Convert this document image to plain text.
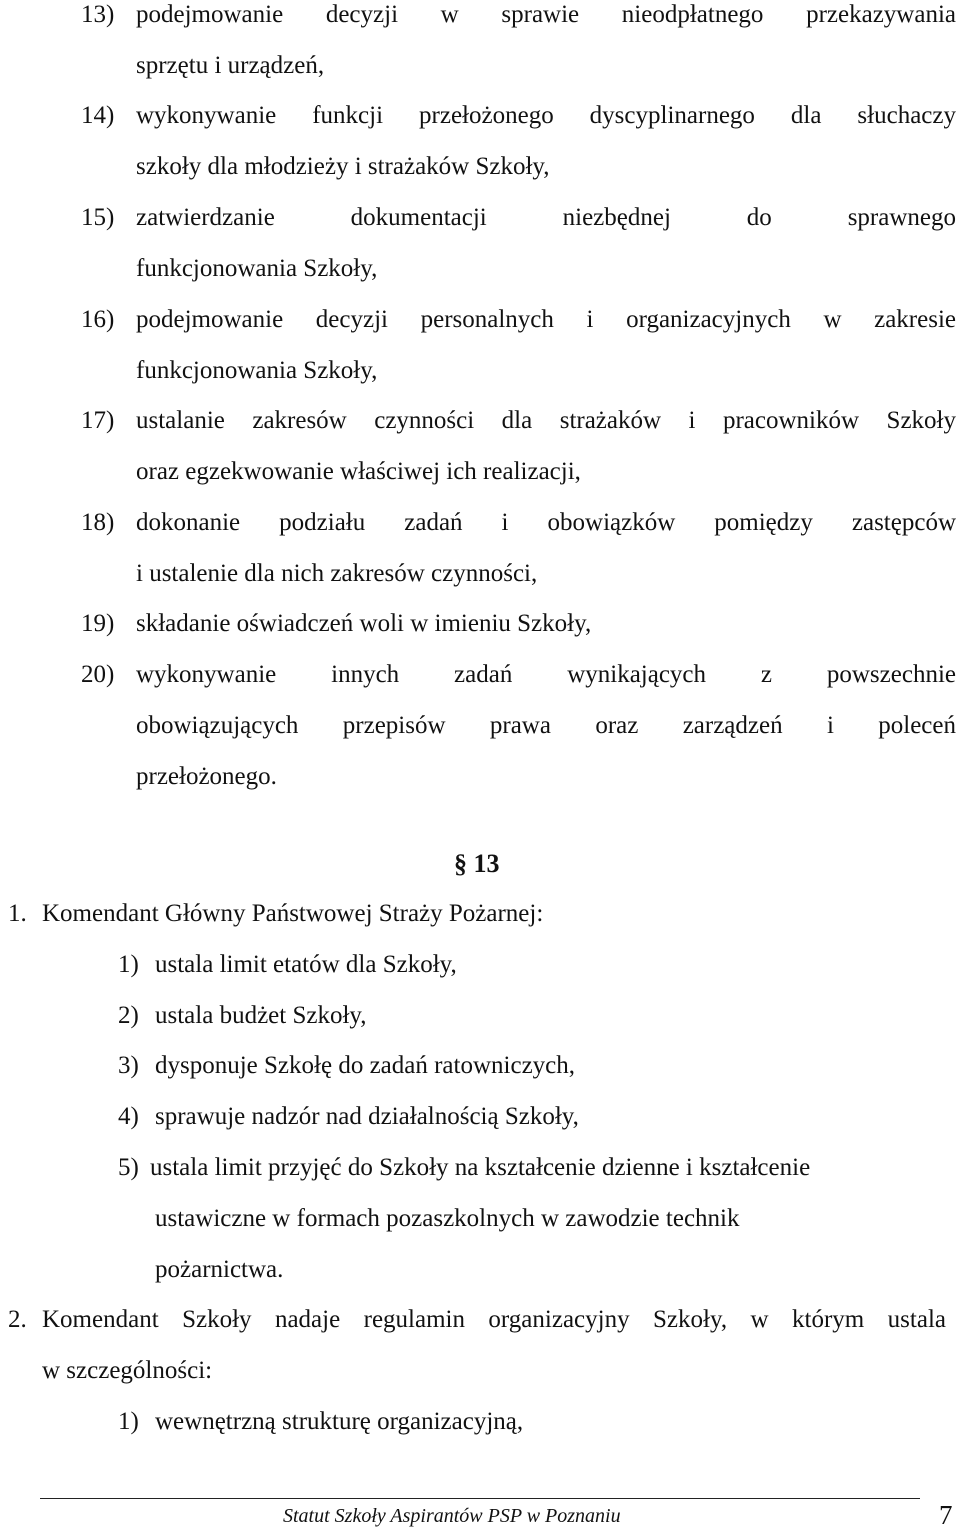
13) podejmowanie decyzji w sprawie nieodpłatnego przekazywania
sprzętu i urządzeń,
14) wykonywanie funkcji przełożonego dyscyplinarnego dla słuchaczy
szkoły dla młodzieży i strażaków Szkoły,
15) zatwierdzanie dokumentacji niezbędnej do sprawnego
funkcjonowania Szkoły,
16) podejmowanie decyzji personalnych i organizacyjnych w zakresie
funkcjonowania Szkoły,
17) ustalanie zakresów czynności dla strażaków i pracowników Szkoły
oraz egzekwowanie właściwej ich realizacji,
18) dokonanie podziału zadań i obowiązków pomiędzy zastępców
i ustalenie dla nich zakresów czynności,
19) składanie oświadczeń woli w imieniu Szkoły,
20) wykonywanie innych zadań wynikających z powszechnie
obowiązujących przepisów prawa oraz zarządzeń i poleceń
przełożonego.
§ 13
1. Komendant Główny Państwowej Straży Pożarnej:
1) ustala limit etatów dla Szkoły,
2) ustala budżet Szkoły,
3) dysponuje Szkołę do zadań ratowniczych,
4) sprawuje nadzór nad działalnością Szkoły,
5) ustala limit przyjęć do Szkoły na kształcenie dzienne i kształcenie
ustawiczne w formach pozaszkolnych w zawodzie technik
pożarnictwa.
2. Komendant Szkoły nadaje regulamin organizacyjny Szkoły, w którym ustala
w szczególności:
1) wewnętrzną strukturę organizacyjną,
Statut Szkoły Aspirantów PSP w Poznaniu	7
